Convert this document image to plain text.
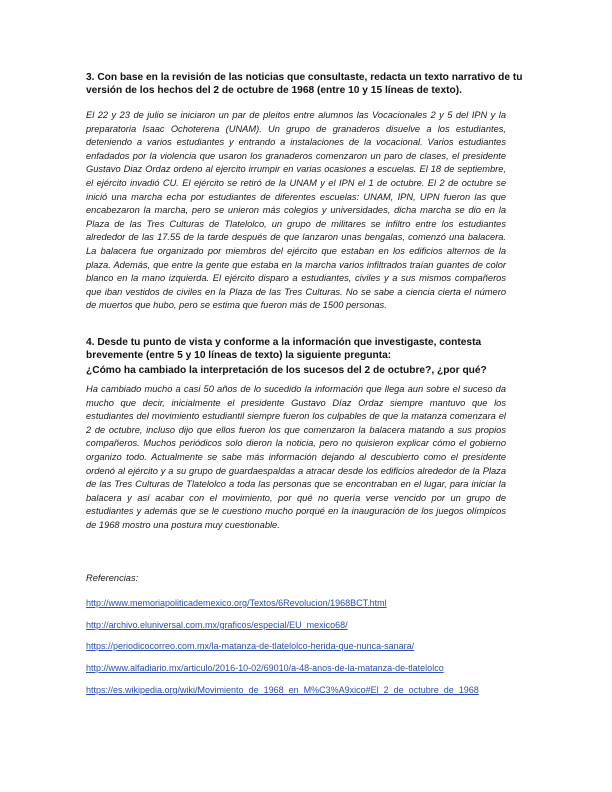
3. Con base en la revisión de las noticias que consultaste, redacta un texto narrativo de tu versión de los hechos del 2 de octubre de 1968 (entre 10 y 15 líneas de texto).

El 22 y 23 de julio se iniciaron un par de pleitos entre alumnos las Vocacionales 2 y 5 del IPN y la preparatoria Isaac Ochoterena (UNAM). Un grupo de granaderos disuelve a los estudiantes, deteniendo a varios estudiantes y entrando a instalaciones de la vocacional. Varios estudiantes enfadados por la violencia que usaron los granaderos comenzaron un paro de clases, el presidente Gustavo Diaz Ordaz ordeno al ejercito irrumpir en varias ocasiones a escuelas. El 18 de septiembre, el ejército invadió CU. El ejército se retiró de la UNAM y el IPN el 1 de octubre. El 2 de octubre se inició una marcha echa por estudiantes de diferentes escuelas: UNAM, IPN, UPN fueron las que encabezaron la marcha, pero se unieron más colegios y universidades, dicha marcha se dio en la Plaza de las Tres Culturas de Tlatelolco, un grupo de militares se infiltro entre los estudiantes alrededor de las 17.55 de la tarde después de que lanzaron unas bengalas, comenzó una balacera. La balacera fue organizado por miembros del ejército que estaban en los edificios alternos de la plaza. Además, que entre la gente que estaba en la marcha varios infiltrados traían guantes de color blanco en la mano izquierda. El ejército disparo a estudiantes, civiles y a sus mismos compañeros que iban vestidos de civiles en la Plaza de las Tres Culturas. No se sabe a ciencia cierta el número de muertos que hubo, pero se estima que fueron más de 1500 personas.

4. Desde tu punto de vista y conforme a la información que investigaste, contesta brevemente (entre 5 y 10 líneas de texto) la siguiente pregunta:

¿Cómo ha cambiado la interpretación de los sucesos del 2 de octubre?, ¿por qué?

Ha cambiado mucho a casi 50 años de lo sucedido la información que llega aun sobre el suceso da mucho que decir, inicialmente el presidente Gustavo Díaz Ordaz siempre mantuvo que los estudiantes del movimiento estudiantil siempre fueron los culpables de que la matanza comenzara el 2 de octubre, incluso dijo que ellos fueron los que comenzaron la balacera matando a sus propios compañeros. Muchos periódicos solo dieron la noticia, pero no quisieron explicar cómo el gobierno organizo todo. Actualmente se sabe más información dejando al descubierto como el presidente ordenó al ejército y a su grupo de guardaespaldas a atracar desde los edificios alrededor de la Plaza de las Tres Culturas de Tlatelolco a toda las personas que se encontraban en el lugar, para iniciar la balacera y así acabar con el movimiento, por qué no quería verse vencido por un grupo de estudiantes y además que se le cuestiono mucho porqué en la inauguración de los juegos olímpicos de 1968 mostro una postura muy cuestionable.

Referencias:

http://www.memoriapoliticademexico.org/Textos/6Revolucion/1968BCT.html
http://archivo.eluniversal.com.mx/graficos/especial/EU_mexico68/
https://periodicocorreo.com.mx/la-matanza-de-tlatelolco-herida-que-nunca-sanara/
http://www.alfadiario.mx/articulo/2016-10-02/69010/a-48-anos-de-la-matanza-de-tlatelolco
https://es.wikipedia.org/wiki/Movimiento_de_1968_en_M%C3%A9xico#El_2_de_octubre_de_1968
